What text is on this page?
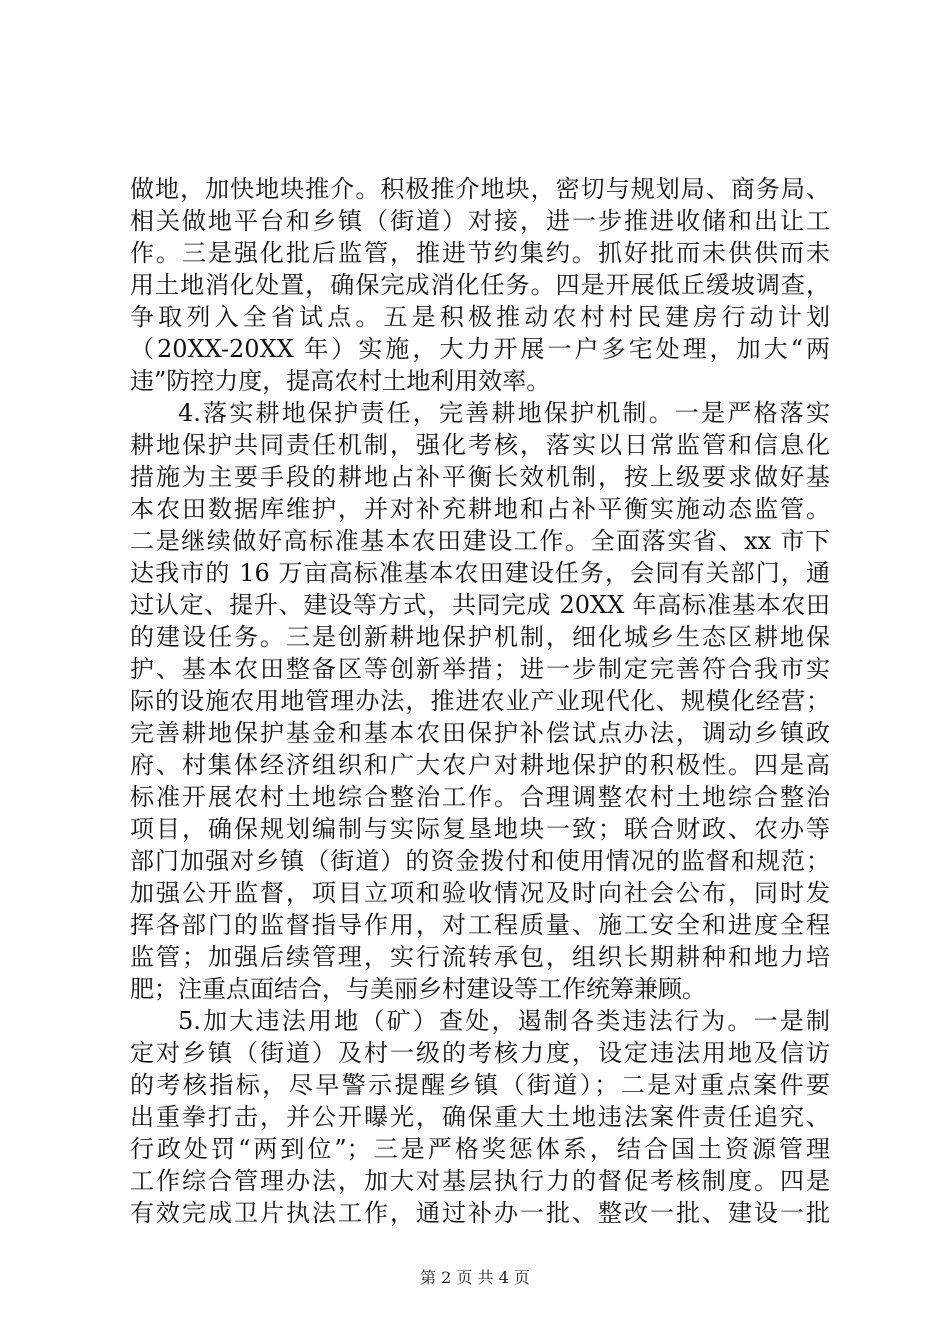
做地，加快地块推介。积极推介地块，密切与规划局、商务局、
相关做地平台和乡镇（街道）对接，进一步推进收储和出让工
作。三是强化批后监管，推进节约集约。抓好批而未供供而未
用土地消化处置，确保完成消化任务。四是开展低丘缓坡调查，
争取列入全省试点。五是积极推动农村村民建房行动计划
（20XX-20XX 年）实施，大力开展一户多宅处理，加大“两
违”防控力度，提高农村土地利用效率。
4.落实耕地保护责任，完善耕地保护机制。一是严格落实
耕地保护共同责任机制，强化考核，落实以日常监管和信息化
措施为主要手段的耕地占补平衡长效机制，按上级要求做好基
本农田数据库维护，并对补充耕地和占补平衡实施动态监管。
二是继续做好高标准基本农田建设工作。全面落实省、xx 市下
达我市的 16 万亩高标准基本农田建设任务，会同有关部门，通
过认定、提升、建设等方式，共同完成 20XX 年高标准基本农田
的建设任务。三是创新耕地保护机制，细化城乡生态区耕地保
护、基本农田整备区等创新举措；进一步制定完善符合我市实
际的设施农用地管理办法，推进农业产业现代化、规模化经营；
完善耕地保护基金和基本农田保护补偿试点办法，调动乡镇政
府、村集体经济组织和广大农户对耕地保护的积极性。四是高
标准开展农村土地综合整治工作。合理调整农村土地综合整治
项目，确保规划编制与实际复垦地块一致；联合财政、农办等
部门加强对乡镇（街道）的资金拨付和使用情况的监督和规范；
加强公开监督，项目立项和验收情况及时向社会公布，同时发
挥各部门的监督指导作用，对工程质量、施工安全和进度全程
监管；加强后续管理，实行流转承包，组织长期耕种和地力培
肥；注重点面结合，与美丽乡村建设等工作统筹兼顾。
5.加大违法用地（矿）查处，遏制各类违法行为。一是制
定对乡镇（街道）及村一级的考核力度，设定违法用地及信访
的考核指标，尽早警示提醒乡镇（街道）；二是对重点案件要
出重拳打击，并公开曝光，确保重大土地违法案件责任追究、
行政处罚“两到位”；三是严格奖惩体系，结合国土资源管理
工作综合管理办法，加大对基层执行力的督促考核制度。四是
有效完成卫片执法工作，通过补办一批、整改一批、建设一批
第 2 页 共 4 页
